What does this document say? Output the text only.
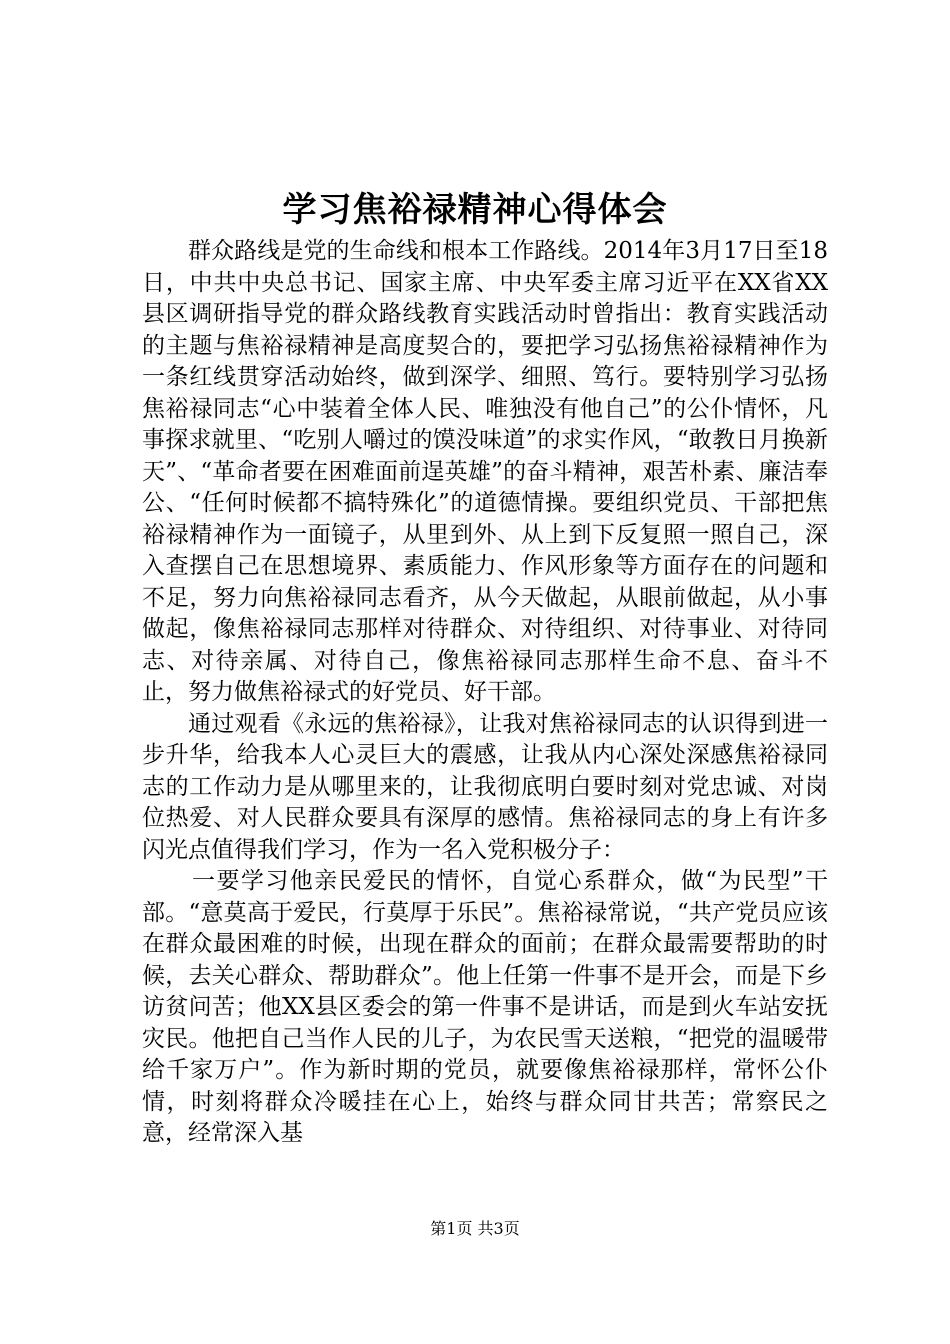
学习焦裕禄精神心得体会

群众路线是党的生命线和根本工作路线。2014年3月17日至18日，中共中央总书记、国家主席、中央军委主席习近平在XX省XX县区调研指导党的群众路线教育实践活动时曾指出：教育实践活动的主题与焦裕禄精神是高度契合的，要把学习弘扬焦裕禄精神作为一条红线贯穿活动始终，做到深学、细照、笃行。要特别学习弘扬焦裕禄同志“心中装着全体人民、唯独没有他自己”的公仆情怀，凡事探求就里、“吃别人嚼过的馍没味道”的求实作风，“敢教日月换新天”、“革命者要在困难面前逞英雄”的奋斗精神，艰苦朴素、廉洁奉公、“任何时候都不搞特殊化”的道德情操。要组织党员、干部把焦裕禄精神作为一面镜子，从里到外、从上到下反复照一照自己，深入查摆自己在思想境界、素质能力、作风形象等方面存在的问题和不足，努力向焦裕禄同志看齐，从今天做起，从眼前做起，从小事做起，像焦裕禄同志那样对待群众、对待组织、对待事业、对待同志、对待亲属、对待自己，像焦裕禄同志那样生命不息、奋斗不止，努力做焦裕禄式的好党员、好干部。

通过观看《永远的焦裕禄》，让我对焦裕禄同志的认识得到进一步升华，给我本人心灵巨大的震感，让我从内心深处深感焦裕禄同志的工作动力是从哪里来的，让我彻底明白要时刻对党忠诚、对岗位热爱、对人民群众要具有深厚的感情。焦裕禄同志的身上有许多闪光点值得我们学习，作为一名入党积极分子：

一要学习他亲民爱民的情怀，自觉心系群众，做“为民型”干部。“意莫高于爱民，行莫厚于乐民”。焦裕禄常说，“共产党员应该在群众最困难的时候，出现在群众的面前；在群众最需要帮助的时候，去关心群众、帮助群众”。他上任第一件事不是开会，而是下乡访贫问苦；他XX县区委会的第一件事不是讲话，而是到火车站安抚灾民。他把自己当作人民的儿子，为农民雪天送粮，“把党的温暖带给千家万户”。作为新时期的党员，就要像焦裕禄那样，常怀公仆情，时刻将群众冷暖挂在心上，始终与群众同甘共苦；常察民之意，经常深入基

第1页 共3页
